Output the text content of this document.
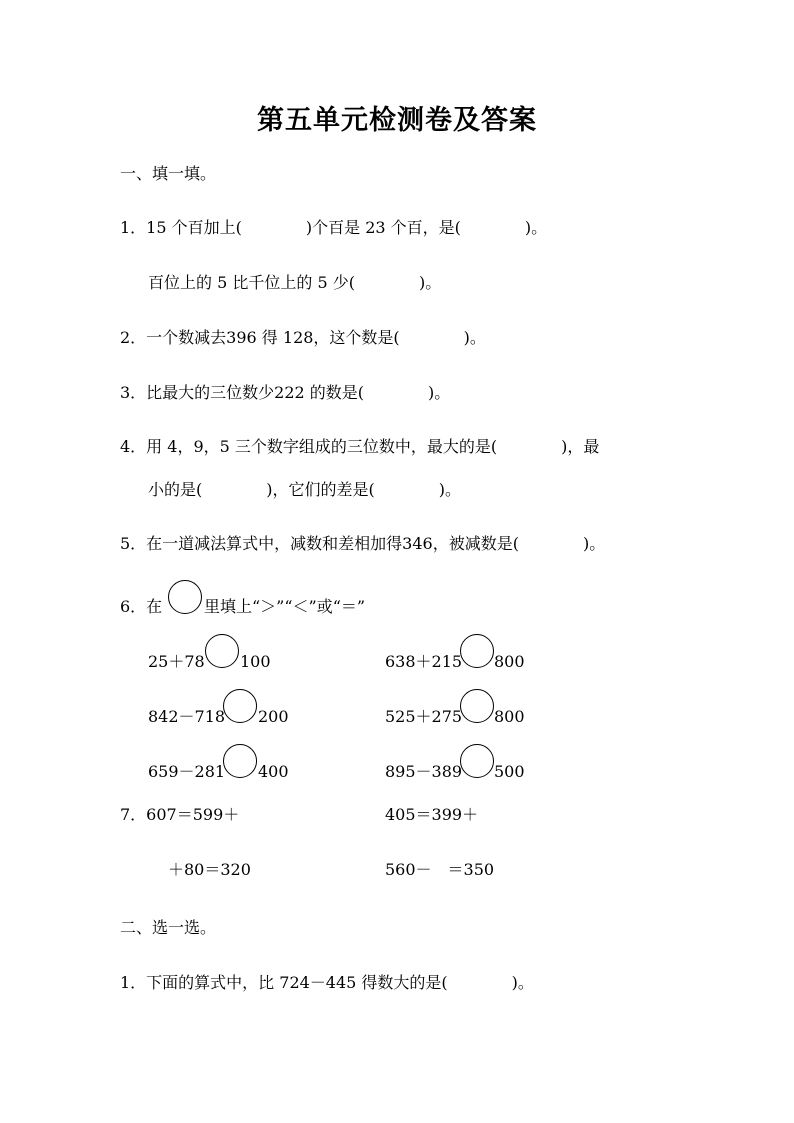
第五单元检测卷及答案
一、填一填。
1．15 个百加上(　　　　)个百是 23 个百，是(　　　　)。
百位上的 5 比千位上的 5 少(　　　　)。
2．一个数减去396 得 128，这个数是(　　　　)。
3．比最大的三位数少222 的数是(　　　　)。
4．用 4，9，5 三个数字组成的三位数中，最大的是(　　　　)，最
小的是(　　　　)，它们的差是(　　　　)。
5．在一道减法算式中，减数和差相加得346，被减数是(　　　　)。
6．在	里填上“＞”“＜”或“＝”
25＋78 100	638＋215 800
842－718 200	525＋275 800
659－281 400	895－389 500
7．607＝599＋	405＝399＋
＋80＝320	560－　＝350
二、选一选。
1．下面的算式中，比 724－445 得数大的是(　　　　)。
